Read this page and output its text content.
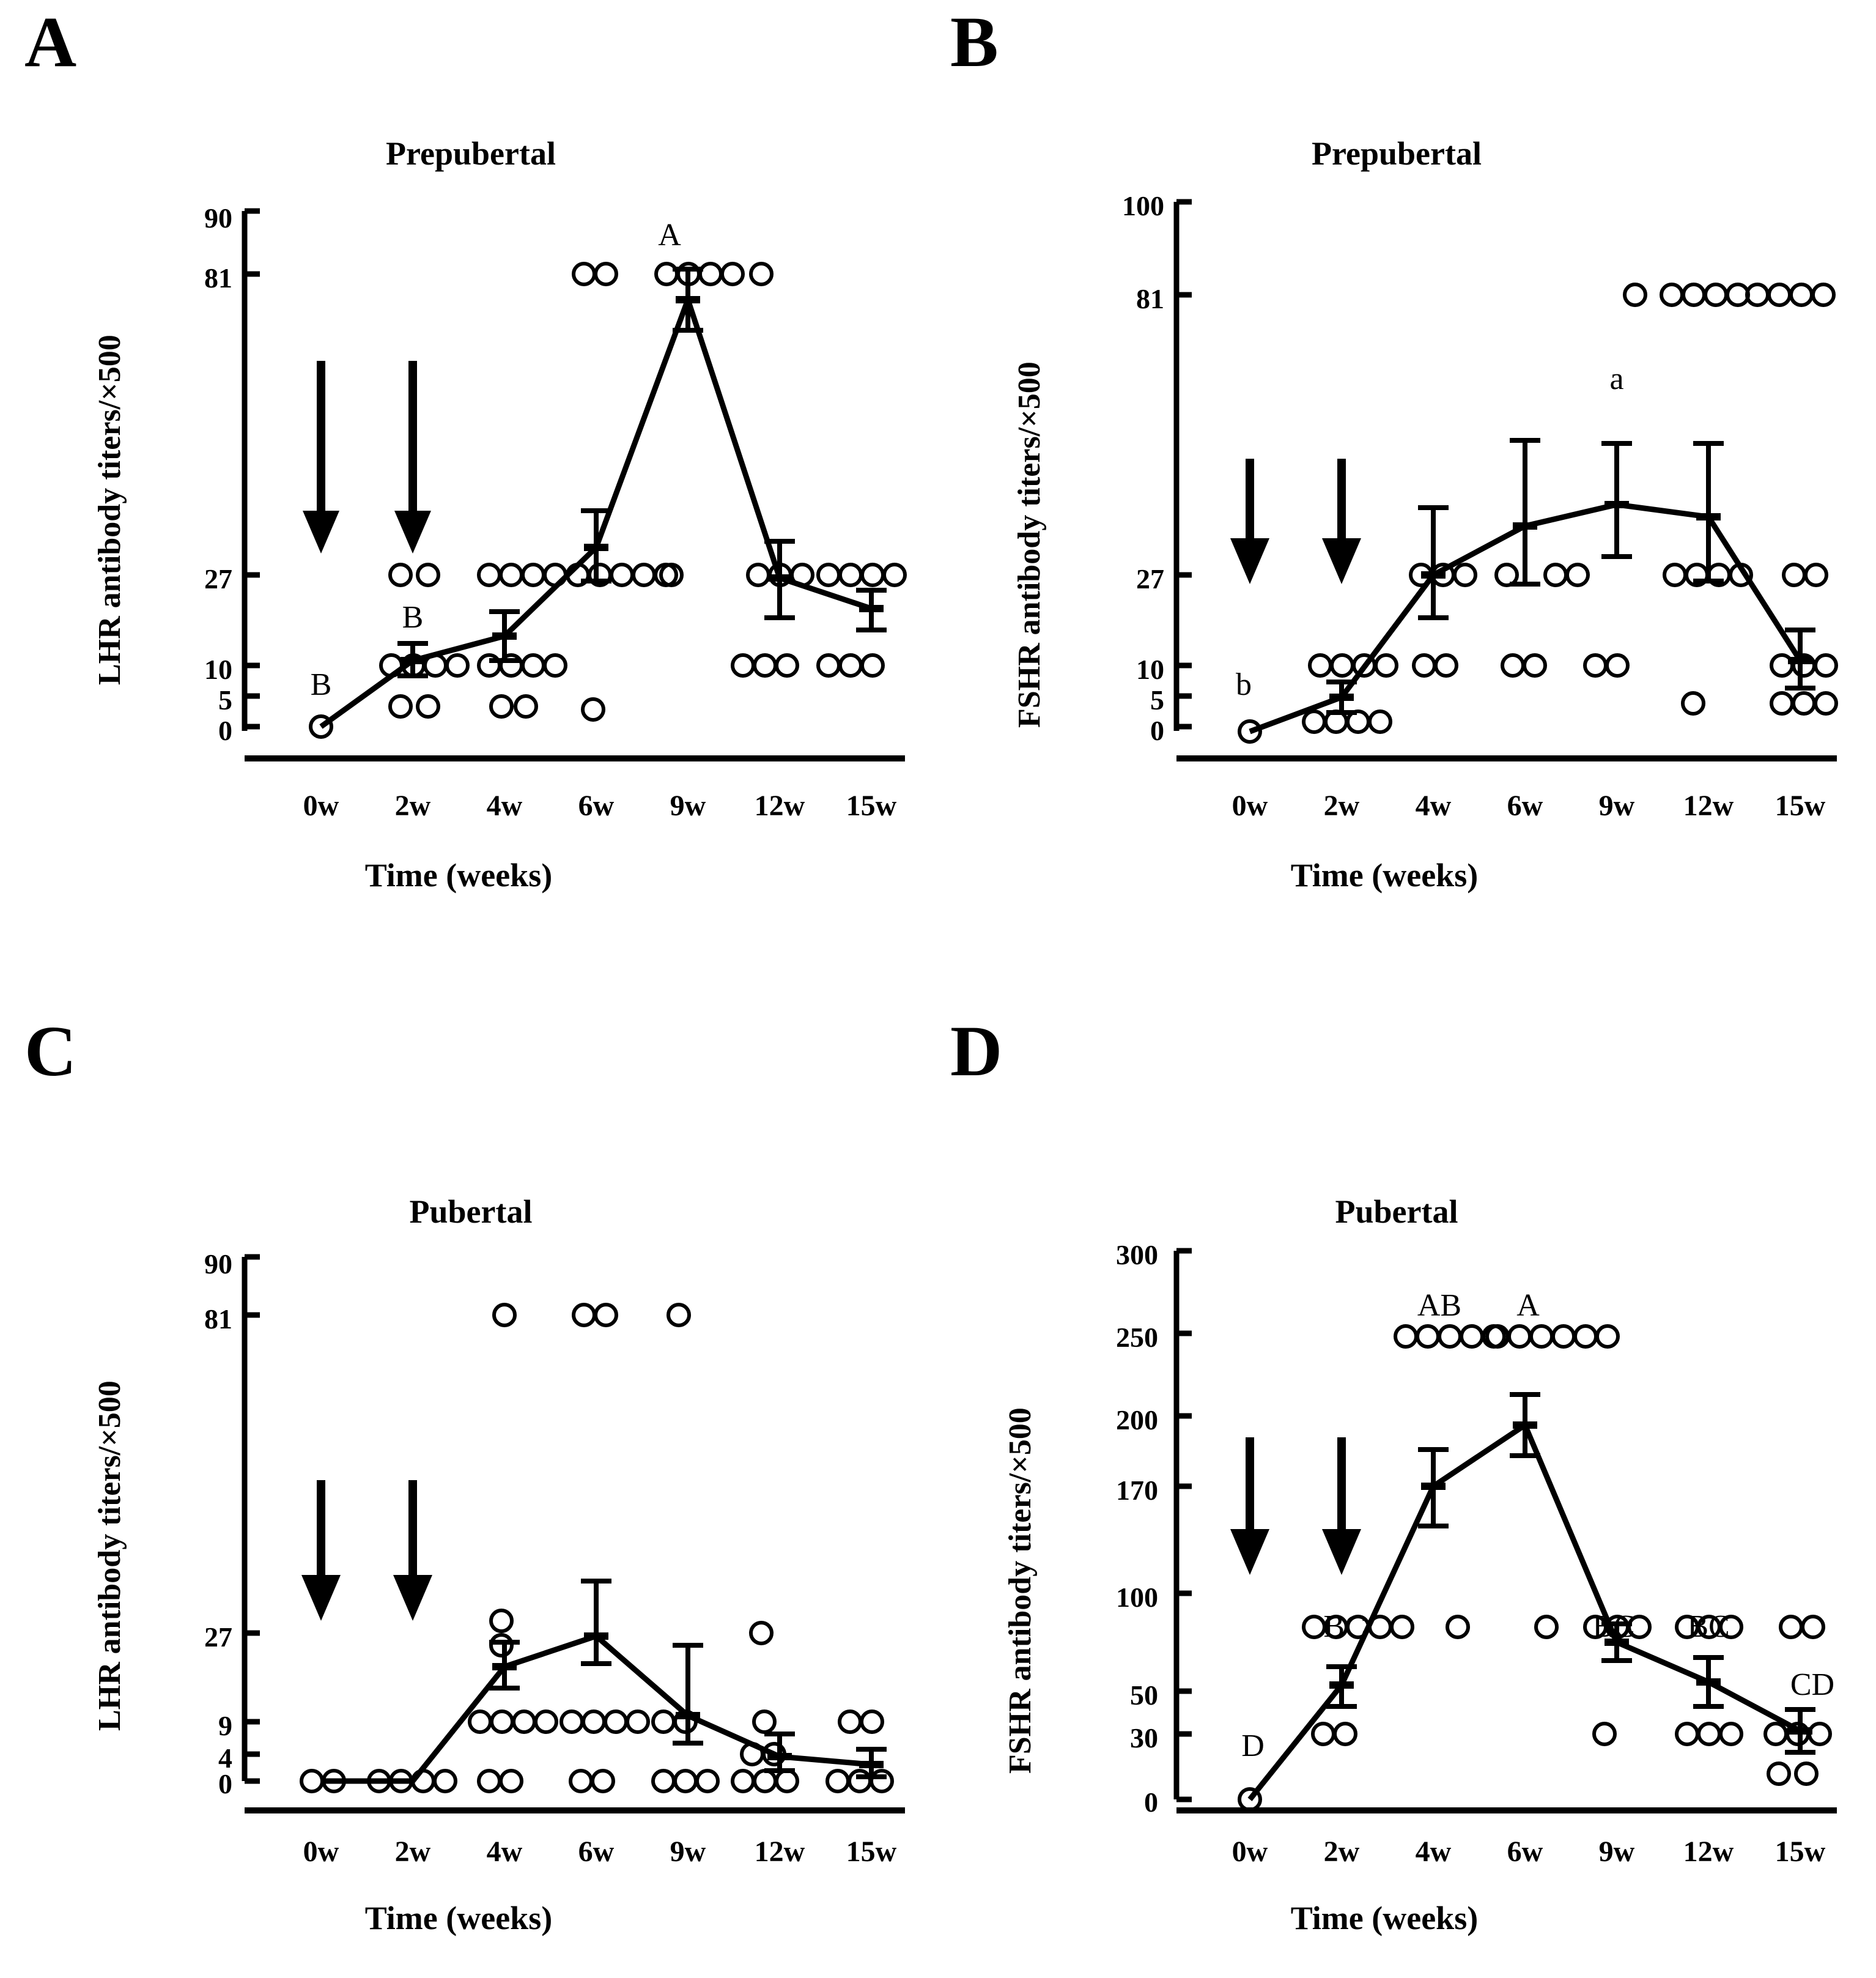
A
Prepubertal
LHR antibody titers/×500
Time (weeks)
90
81
27
10
5
0
0w	2w	4w	6w	9w	12w	15w
B
B
A
B
Prepubertal
FSHR antibody titers/×500
Time (weeks)
100
81
27
10
5
0
0w	2w	4w	6w	9w	12w	15w
b
a
C
Pubertal
LHR antibody titers/×500
Time (weeks)
90
81
27
9
4
0
0w	2w	4w	6w	9w	12w	15w
D
Pubertal
FSHR antibody titers/×500
Time (weeks)
300
250
200
170
100
50
30
0
0w	2w	4w	6w	9w	12w	15w
D
BC
AB	A
BC BC
CD
